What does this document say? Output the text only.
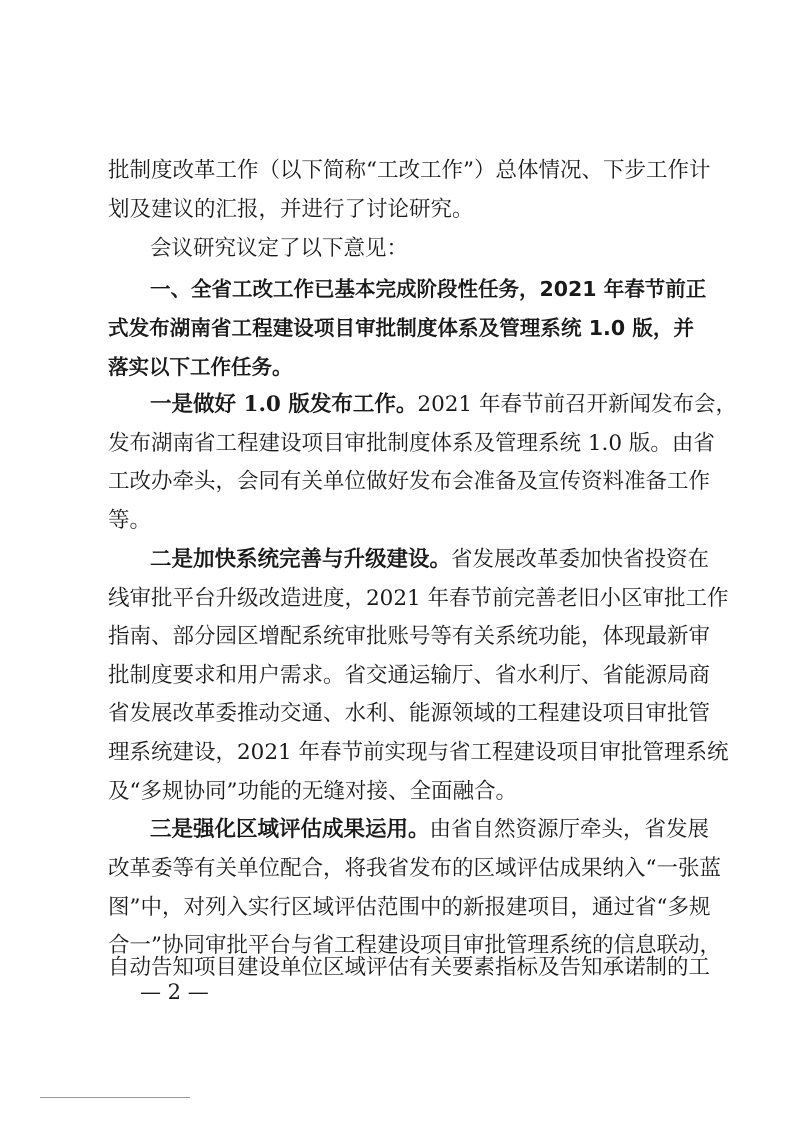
批制度改革工作（以下简称“工改工作”）总体情况、下步工作计
划及建议的汇报，并进行了讨论研究。
会议研究议定了以下意见：
一、全省工改工作已基本完成阶段性任务，2021 年春节前正
式发布湖南省工程建设项目审批制度体系及管理系统 1.0 版，并
落实以下工作任务。
一是做好 1.0 版发布工作。2021 年春节前召开新闻发布会，
发布湖南省工程建设项目审批制度体系及管理系统 1.0 版。由省
工改办牵头，会同有关单位做好发布会准备及宣传资料准备工作
等。
二是加快系统完善与升级建设。省发展改革委加快省投资在
线审批平台升级改造进度，2021 年春节前完善老旧小区审批工作
指南、部分园区增配系统审批账号等有关系统功能，体现最新审
批制度要求和用户需求。省交通运输厅、省水利厅、省能源局商
省发展改革委推动交通、水利、能源领域的工程建设项目审批管
理系统建设，2021 年春节前实现与省工程建设项目审批管理系统
及“多规协同”功能的无缝对接、全面融合。
三是强化区域评估成果运用。由省自然资源厅牵头，省发展
改革委等有关单位配合，将我省发布的区域评估成果纳入“一张蓝
图”中，对列入实行区域评估范围中的新报建项目，通过省“多规
合一”协同审批平台与省工程建设项目审批管理系统的信息联动，
自动告知项目建设单位区域评估有关要素指标及告知承诺制的工
— 2 —
